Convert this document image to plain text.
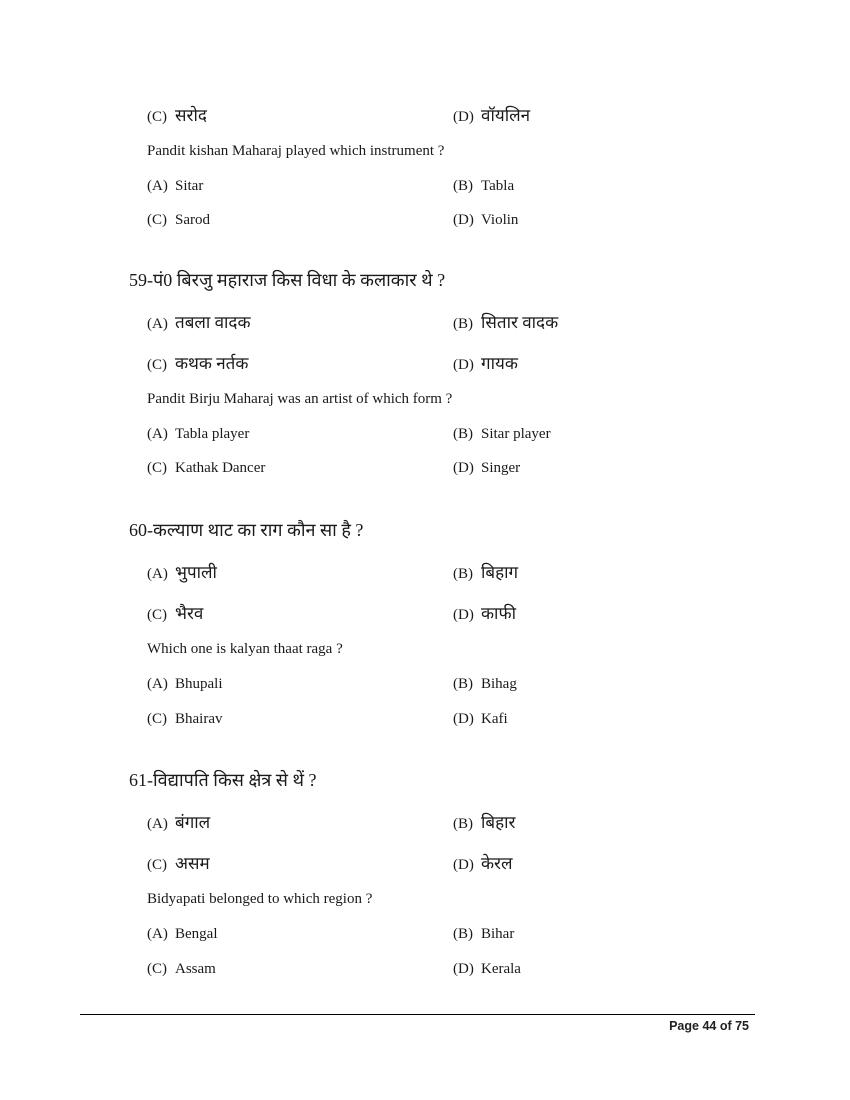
(C) सरोद	(D) वॉयलिन
Pandit kishan Maharaj played which instrument ?
(A) Sitar	(B) Tabla
(C) Sarod	(D) Violin
59-पं0 बिरजु महाराज किस विधा के कलाकार थे ?
(A) तबला वादक	(B) सितार वादक
(C) कथक नर्तक	(D) गायक
Pandit Birju Maharaj was an artist of which form ?
(A) Tabla player	(B) Sitar player
(C) Kathak Dancer	(D) Singer
60-कल्याण थाट का राग कौन सा है ?
(A) भुपाली	(B) बिहाग
(C) भैरव	(D) काफी
Which one is kalyan thaat raga ?
(A) Bhupali	(B) Bihag
(C) Bhairav	(D) Kafi
61-विद्यापति किस क्षेत्र से थें ?
(A) बंगाल	(B) बिहार
(C) असम	(D) केरल
Bidyapati belonged to which region ?
(A) Bengal	(B) Bihar
(C) Assam	(D) Kerala
Page 44 of 75
